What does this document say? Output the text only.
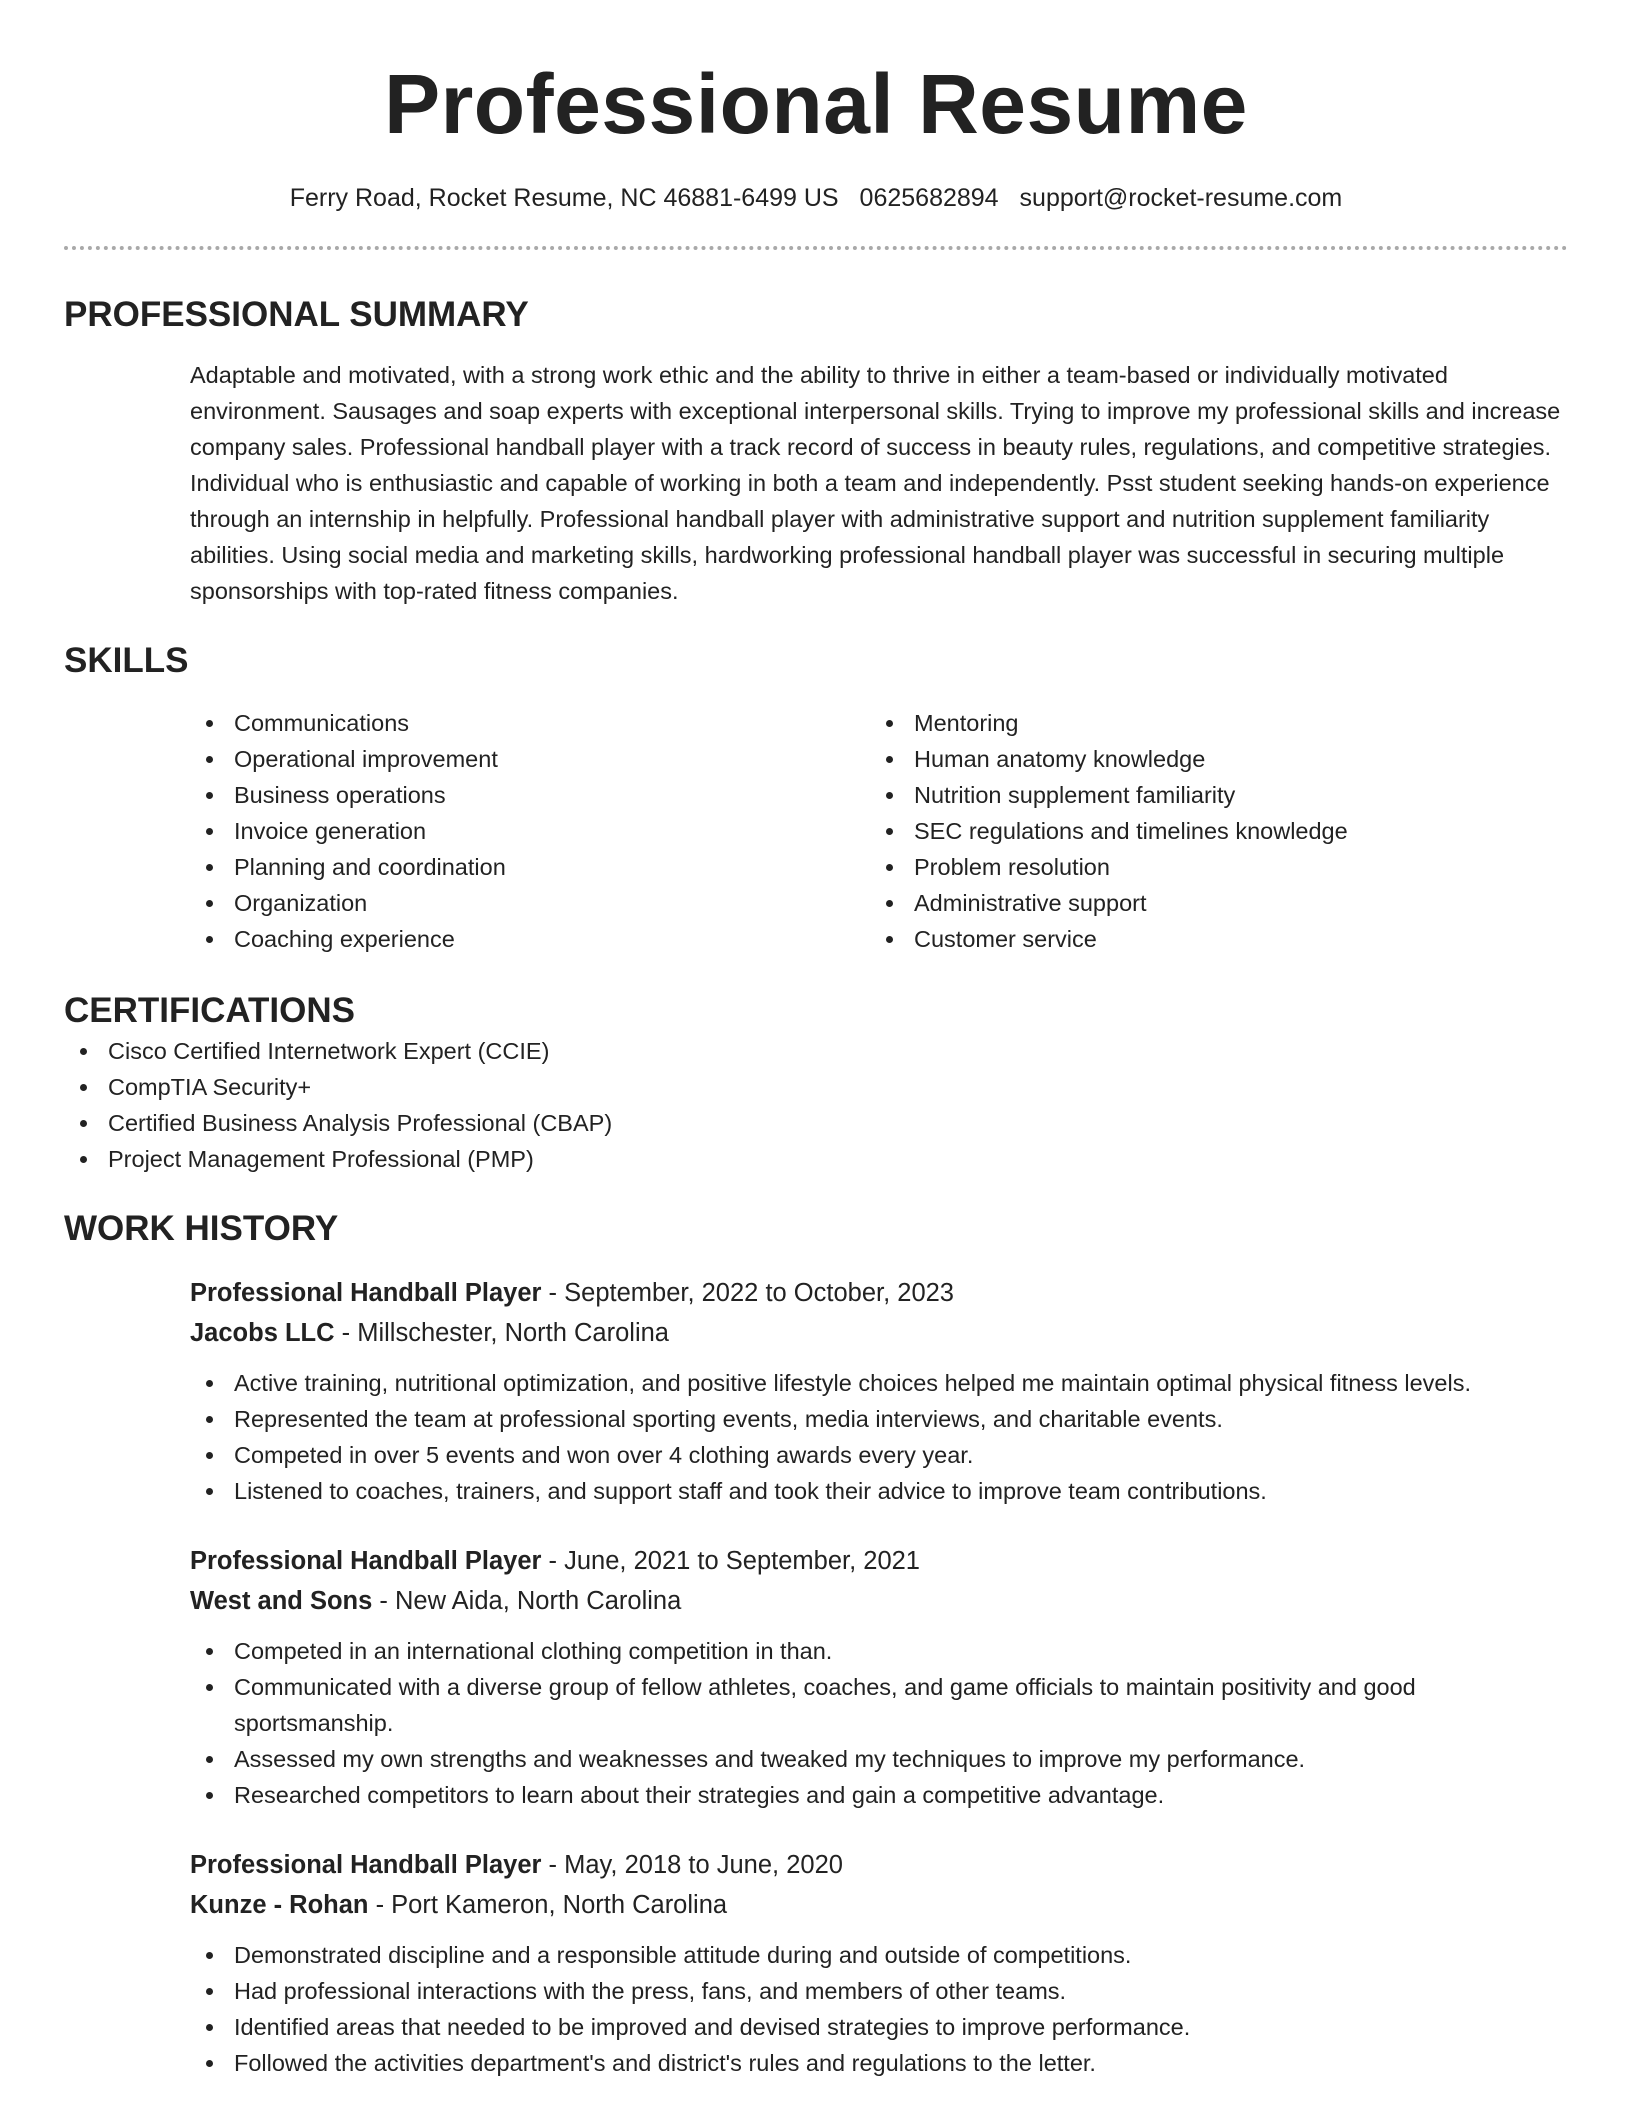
Professional Resume
Ferry Road, Rocket Resume, NC 46881-6499 US 0625682894 support@rocket-resume.com
PROFESSIONAL SUMMARY

Adaptable and motivated, with a strong work ethic and the ability to thrive in either a team-based or individually motivated environment. Sausages and soap experts with exceptional interpersonal skills. Trying to improve my professional skills and increase company sales. Professional handball player with a track record of success in beauty rules, regulations, and competitive strategies. Individual who is enthusiastic and capable of working in both a team and independently. Psst student seeking hands-on experience through an internship in helpfully. Professional handball player with administrative support and nutrition supplement familiarity abilities. Using social media and marketing skills, hardworking professional handball player was successful in securing multiple sponsorships with top-rated fitness companies.

SKILLS
Communications
Operational improvement
Business operations
Invoice generation
Planning and coordination
Organization
Coaching experience
Mentoring
Human anatomy knowledge
Nutrition supplement familiarity
SEC regulations and timelines knowledge
Problem resolution
Administrative support
Customer service
CERTIFICATIONS
Cisco Certified Internetwork Expert (CCIE)
CompTIA Security+
Certified Business Analysis Professional (CBAP)
Project Management Professional (PMP)
WORK HISTORY
Professional Handball Player - September, 2022 to October, 2023
Jacobs LLC - Millschester, North Carolina
Active training, nutritional optimization, and positive lifestyle choices helped me maintain optimal physical fitness levels.
Represented the team at professional sporting events, media interviews, and charitable events.
Competed in over 5 events and won over 4 clothing awards every year.
Listened to coaches, trainers, and support staff and took their advice to improve team contributions.
Professional Handball Player - June, 2021 to September, 2021
West and Sons - New Aida, North Carolina
Competed in an international clothing competition in than.
Communicated with a diverse group of fellow athletes, coaches, and game officials to maintain positivity and good sportsmanship.
Assessed my own strengths and weaknesses and tweaked my techniques to improve my performance.
Researched competitors to learn about their strategies and gain a competitive advantage.
Professional Handball Player - May, 2018 to June, 2020
Kunze - Rohan - Port Kameron, North Carolina
Demonstrated discipline and a responsible attitude during and outside of competitions.
Had professional interactions with the press, fans, and members of other teams.
Identified areas that needed to be improved and devised strategies to improve performance.
Followed the activities department's and district's rules and regulations to the letter.
